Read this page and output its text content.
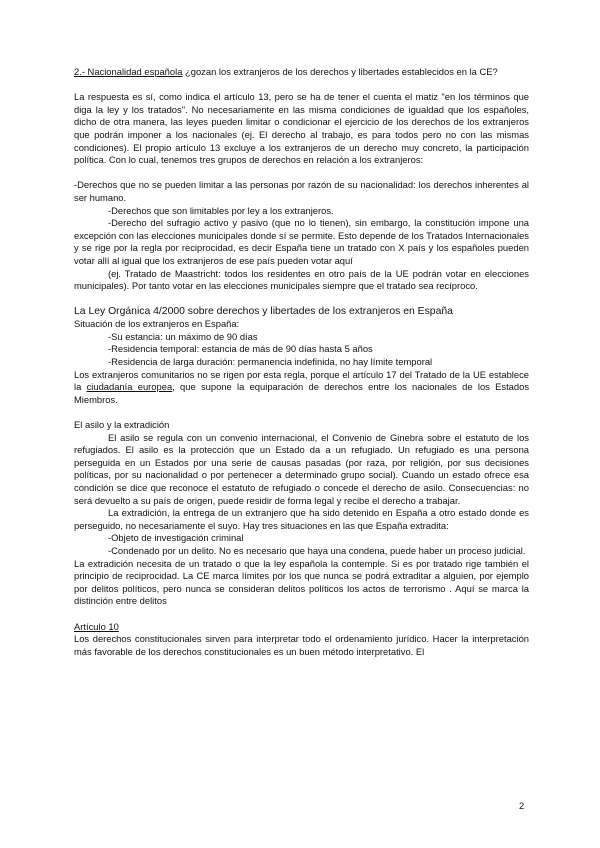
2.- Nacionalidad española ¿gozan los extranjeros de los derechos y libertades establecidos en la CE?

La respuesta es sí, como indica el artículo 13, pero se ha de tener el cuenta el matiz "en los términos que diga la ley y los tratados". No necesariamente en las misma condiciones de igualdad que los españoles, dicho de otra manera, las leyes pueden limitar o condicionar el ejercicio de los derechos de los extranjeros que podrán imponer a los nacionales (ej. El derecho al trabajo, es para todos pero no con las mismas condiciones). El propio artículo 13 excluye a los extranjeros de un derecho muy concreto, la participación política. Con lo cual, tenemos tres grupos de derechos en relación a los extranjeros:

-Derechos que no se pueden limitar a las personas por razón de su nacionalidad: los derechos inherentes al ser humano.

-Derechos que son limitables por ley a los extranjeros.

-Derecho del sufragio activo y pasivo (que no lo tienen), sin embargo, la constitución impone una excepción con las elecciones municipales donde sí se permite. Esto depende de los Tratados Internacionales y se rige por la regla por reciprocidad, es decir España tiene un tratado con X país y los españoles pueden votar allí al igual que los extranjeros de ese país pueden votar aquí

(ej. Tratado de Maastricht: todos los residentes en otro país de la UE podrán votar en elecciones municipales). Por tanto votar en las elecciones municipales siempre que el tratado sea recíproco.

La Ley Orgánica 4/2000 sobre derechos y libertades de los extranjeros en España

Situación de los extranjeros en España:

-Su estancia: un máximo de 90 días

-Residencia temporal: estancia de más de 90 días hasta 5 años

-Residencia de larga duración: permanencia indefinida, no hay límite temporal

Los extranjeros comunitarios no se rigen por esta regla, porque el artículo 17 del Tratado de la UE establece la ciudadanía europea, que supone la equiparación de derechos entre los nacionales de los Estados Miembros.

El asilo y la extradición

El asilo se regula con un convenio internacional, el Convenio de Ginebra sobre el estatuto de los refugiados. El asilo es la protección que un Estado da a un refugiado. Un refugiado es una persona perseguida en un Estados por una serie de causas pasadas (por raza, por religión, por sus decisiones políticas, por su nacionalidad o por pertenecer a determinado grupo social). Cuando un estado ofrece esa condición se dice que reconoce el estatuto de refugiado o concede el derecho de asilo. Consecuencias: no será devuelto a su país de origen, puede residir de forma legal y recibe el derecho a trabajar.

La extradición, la entrega de un extranjero que ha sido detenido en España a otro estado donde es perseguido, no necesariamente el suyo. Hay tres situaciones en las que España extradita:

-Objeto de investigación criminal

-Condenado por un delito. No es necesario que haya una condena, puede haber un proceso judicial.

La extradición necesita de un tratado o que la ley española la contemple. Si es por tratado rige también el principio de reciprocidad. La CE marca límites por los que nunca se podrá extraditar a alguien, por ejemplo por delitos políticos, pero nunca se consideran delitos políticos los actos de terrorismo . Aquí se marca la distinción entre delitos

Artículo 10

Los derechos constitucionales sirven para interpretar todo el ordenamiento jurídico. Hacer la interpretación más favorable de los derechos constitucionales es un buen método interpretativo. El

2
